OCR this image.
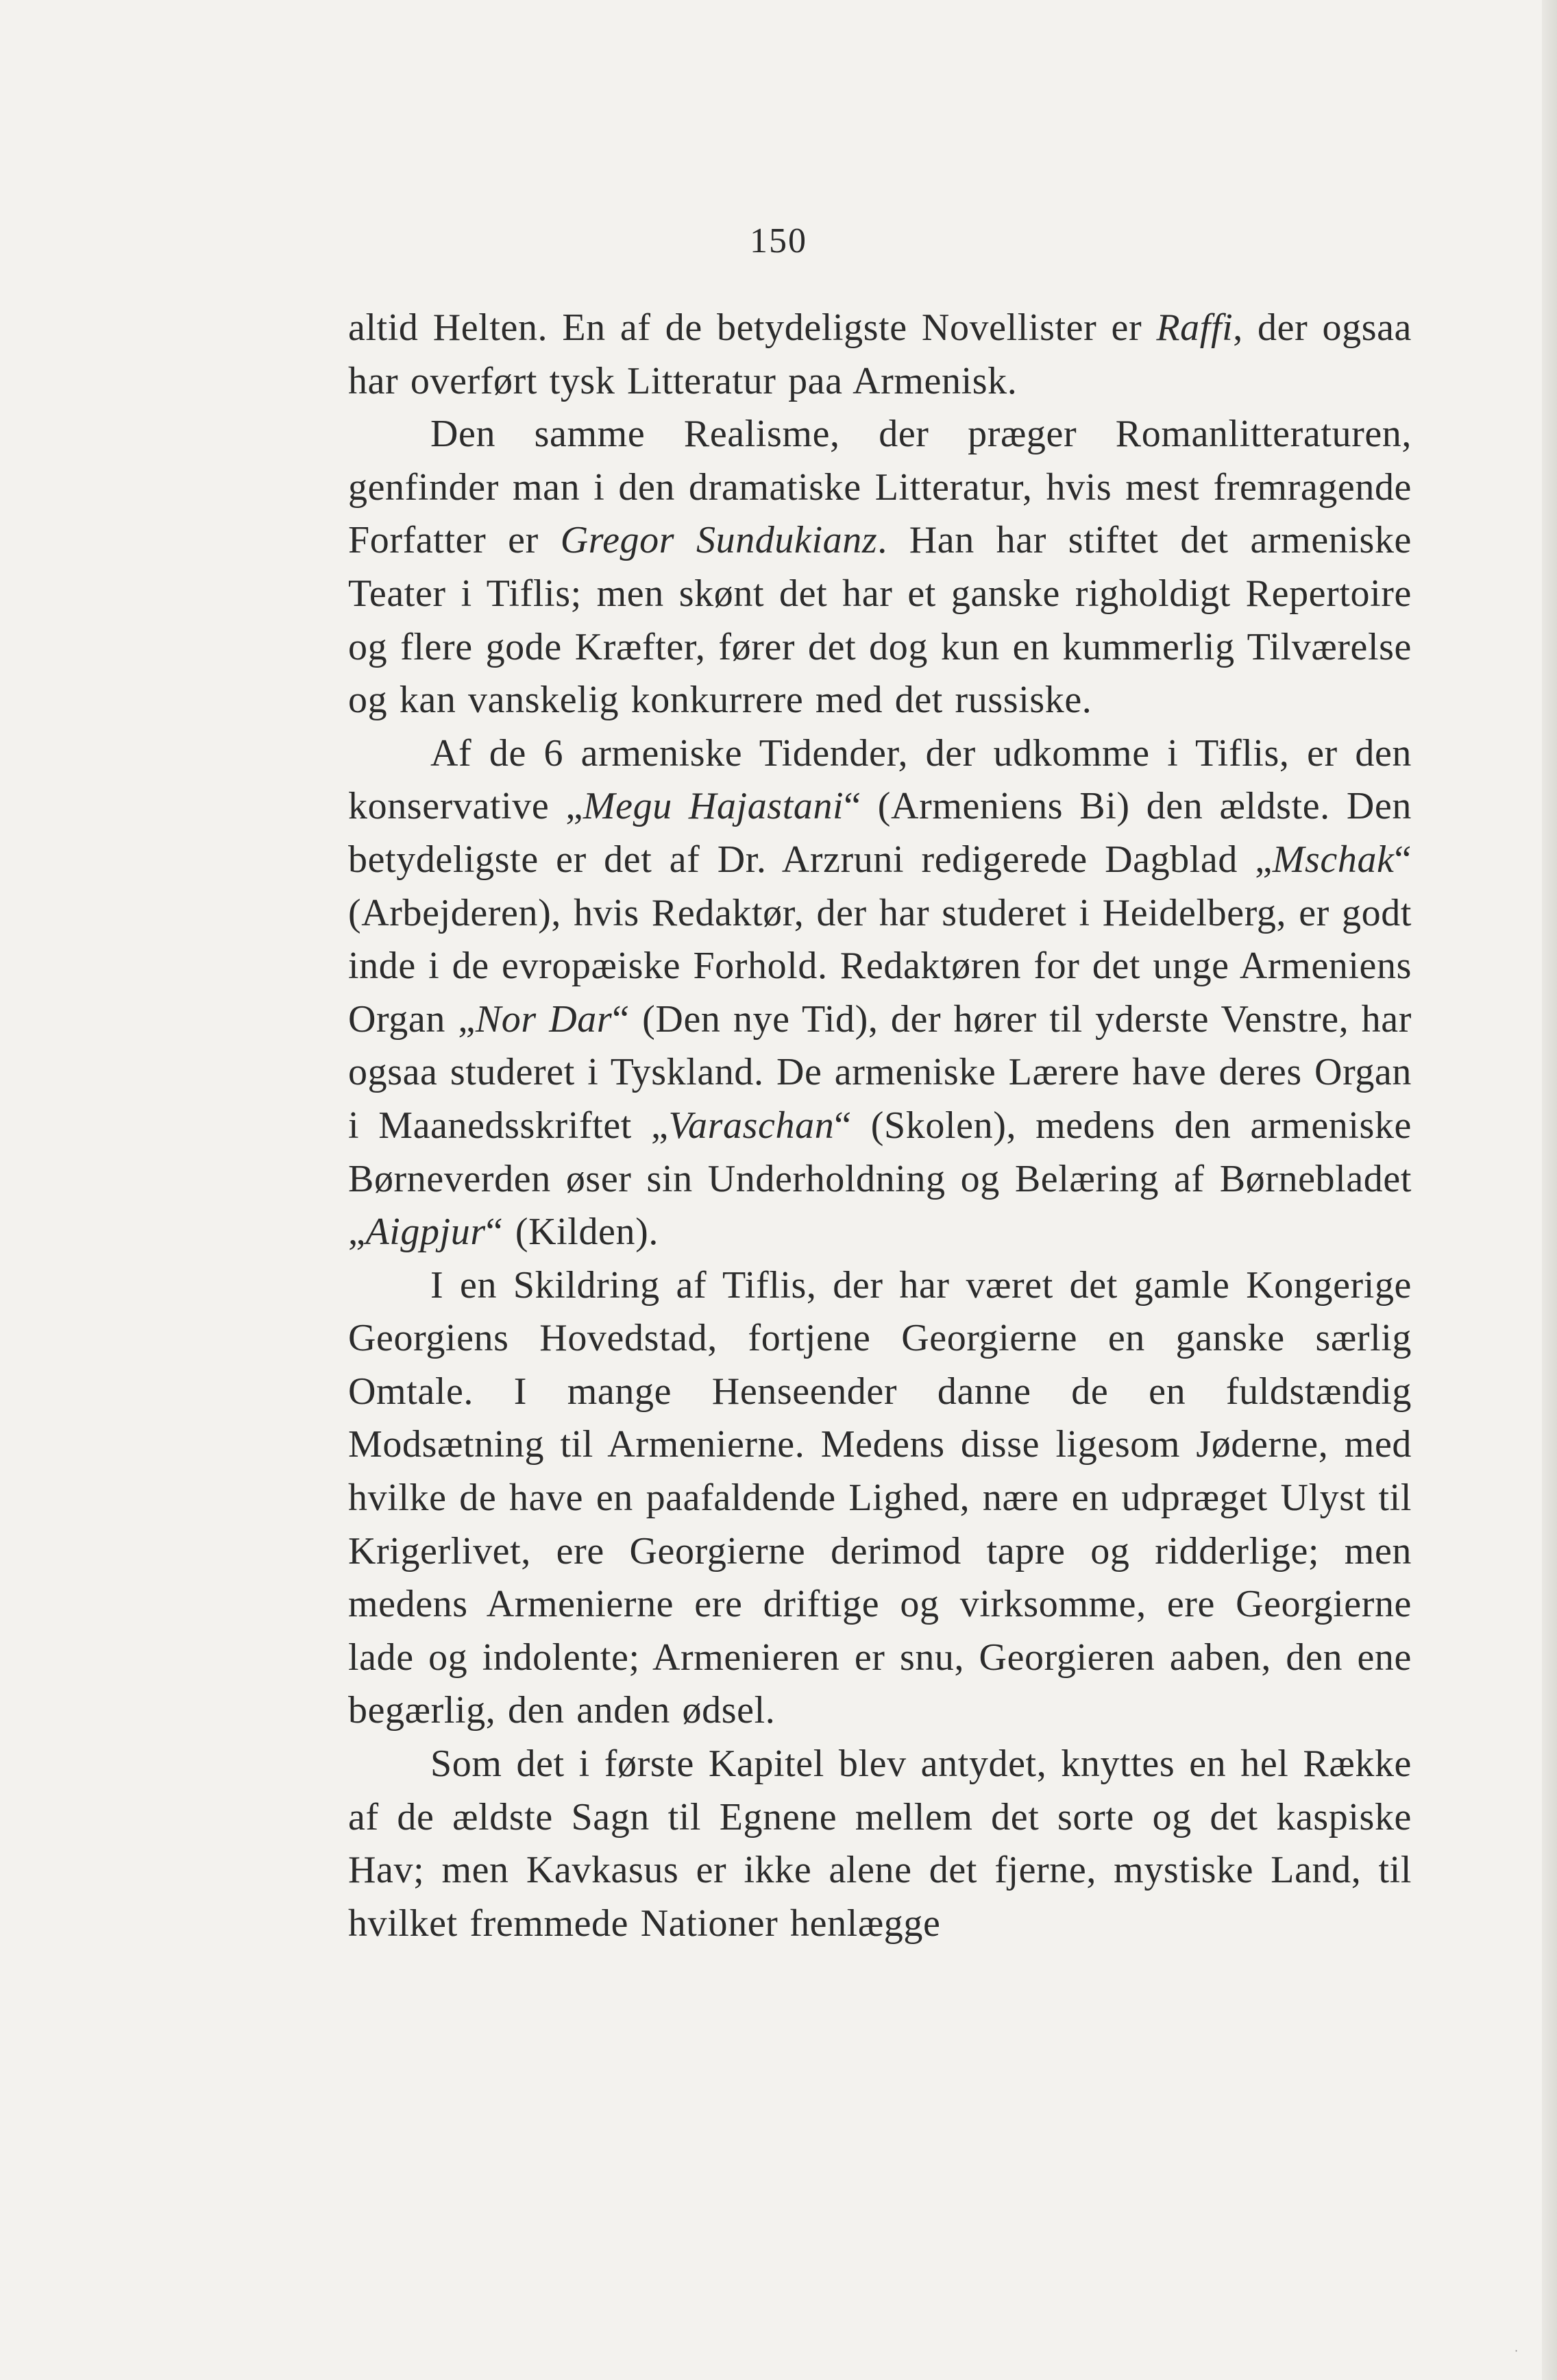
150

altid Helten. En af de betydeligste Novellister er Raffi, der ogsaa har overført tysk Litteratur paa Armenisk.

Den samme Realisme, der præger Romanlitteraturen, genfinder man i den dramatiske Litteratur, hvis mest fremragende Forfatter er Gregor Sundukianz. Han har stiftet det armeniske Teater i Tiflis; men skønt det har et ganske righoldigt Repertoire og flere gode Kræfter, fører det dog kun en kummerlig Tilværelse og kan vanskelig konkurrere med det russiske.

Af de 6 armeniske Tidender, der udkomme i Tiflis, er den konservative „Megu Hajastani“ (Armeniens Bi) den ældste. Den betydeligste er det af Dr. Arzruni redigerede Dagblad „Mschak“ (Arbejderen), hvis Redaktør, der har studeret i Heidelberg, er godt inde i de evropæiske Forhold. Redaktøren for det unge Armeniens Organ „Nor Dar“ (Den nye Tid), der hører til yderste Venstre, har ogsaa studeret i Tyskland. De armeniske Lærere have deres Organ i Maanedsskriftet „Varaschan“ (Skolen), medens den armeniske Børneverden øser sin Underholdning og Belæring af Børnebladet „Aigpjur“ (Kilden).

I en Skildring af Tiflis, der har været det gamle Kongerige Georgiens Hovedstad, fortjene Georgierne en ganske særlig Omtale. I mange Henseender danne de en fuldstændig Modsætning til Armenierne. Medens disse ligesom Jøderne, med hvilke de have en paafaldende Lighed, nære en udpræget Ulyst til Krigerlivet, ere Georgierne derimod tapre og ridderlige; men medens Armenierne ere driftige og virksomme, ere Georgierne lade og indolente; Armenieren er snu, Georgieren aaben, den ene begærlig, den anden ødsel.

Som det i første Kapitel blev antydet, knyttes en hel Række af de ældste Sagn til Egnene mellem det sorte og det kaspiske Hav; men Kavkasus er ikke alene det fjerne, mystiske Land, til hvilket fremmede Nationer henlægge

·
